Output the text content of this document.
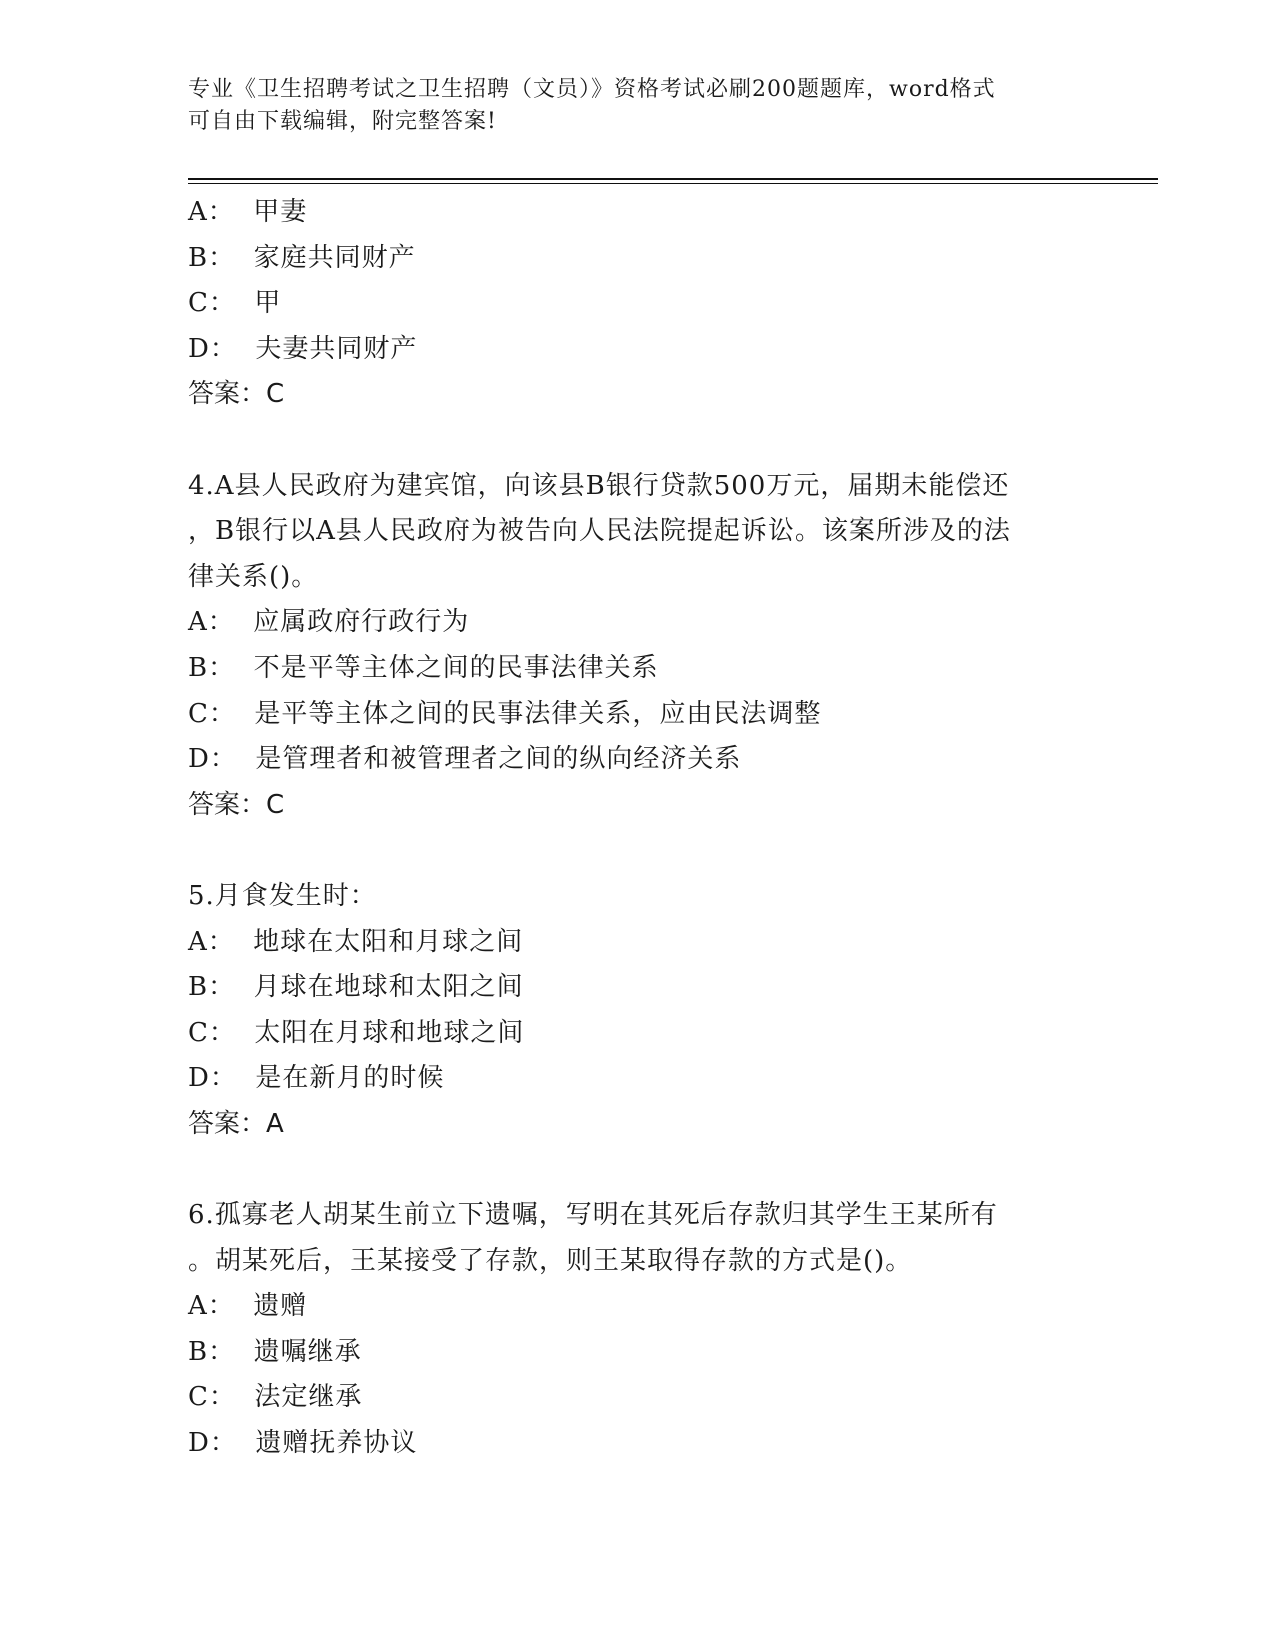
专业《卫生招聘考试之卫生招聘（文员）》资格考试必刷200题题库，word格式
可自由下载编辑，附完整答案!
A：  甲妻
B：  家庭共同财产
C：  甲
D：  夫妻共同财产
答案：C
4.A县人民政府为建宾馆，向该县B银行贷款500万元，届期未能偿还
，B银行以A县人民政府为被告向人民法院提起诉讼。该案所涉及的法
律关系()。
A：  应属政府行政行为
B：  不是平等主体之间的民事法律关系
C：  是平等主体之间的民事法律关系，应由民法调整
D：  是管理者和被管理者之间的纵向经济关系
答案：C
5.月食发生时：
A：  地球在太阳和月球之间
B：  月球在地球和太阳之间
C：  太阳在月球和地球之间
D：  是在新月的时候
答案：A
6.孤寡老人胡某生前立下遗嘱，写明在其死后存款归其学生王某所有
。胡某死后，王某接受了存款，则王某取得存款的方式是()。
A：  遗赠
B：  遗嘱继承
C：  法定继承
D：  遗赠抚养协议
